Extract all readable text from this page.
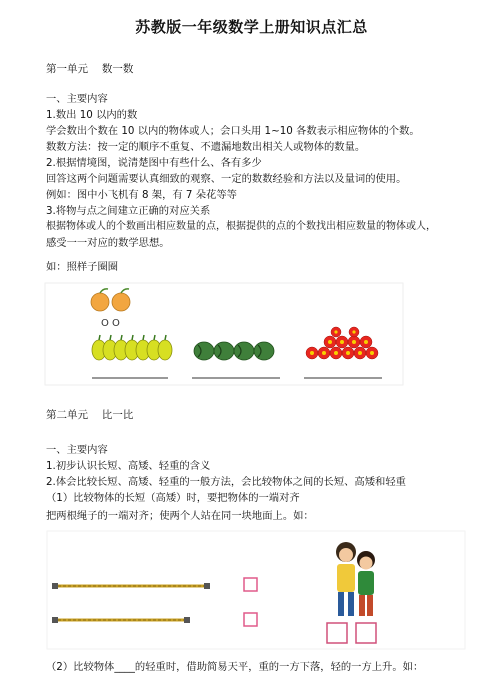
苏教版一年级数学上册知识点汇总
第一单元　 数一数
一、主要内容
1.数出 10 以内的数
学会数出个数在 10 以内的物体或人；会口头用 1~10 各数表示相应物体的个数。
数数方法：按一定的顺序不重复、不遗漏地数出相关人或物体的数量。
2.根据情境图，说清楚图中有些什么、各有多少
回答这两个问题需要认真细致的观察、一定的数数经验和方法以及量词的使用。
例如：图中小飞机有 8 架，有 7 朵花等等
3.将物与点之间建立正确的对应关系
根据物体或人的个数画出相应数量的点，根据提供的点的个数找出相应数量的物体或人，
感受一一对应的数学思想。
如：照样子圈圈
O O
第二单元　 比一比
一、主要内容
1.初步认识长短、高矮、轻重的含义
2.体会比较长短、高矮、轻重的一般方法，会比较物体之间的长短、高矮和轻重
（1）比较物体的长短（高矮）时，要把物体的一端对齐
把两根绳子的一端对齐；使两个人站在同一块地面上。如：
（2）比较物体____的轻重时，借助简易天平，重的一方下落，轻的一方上升。如：
